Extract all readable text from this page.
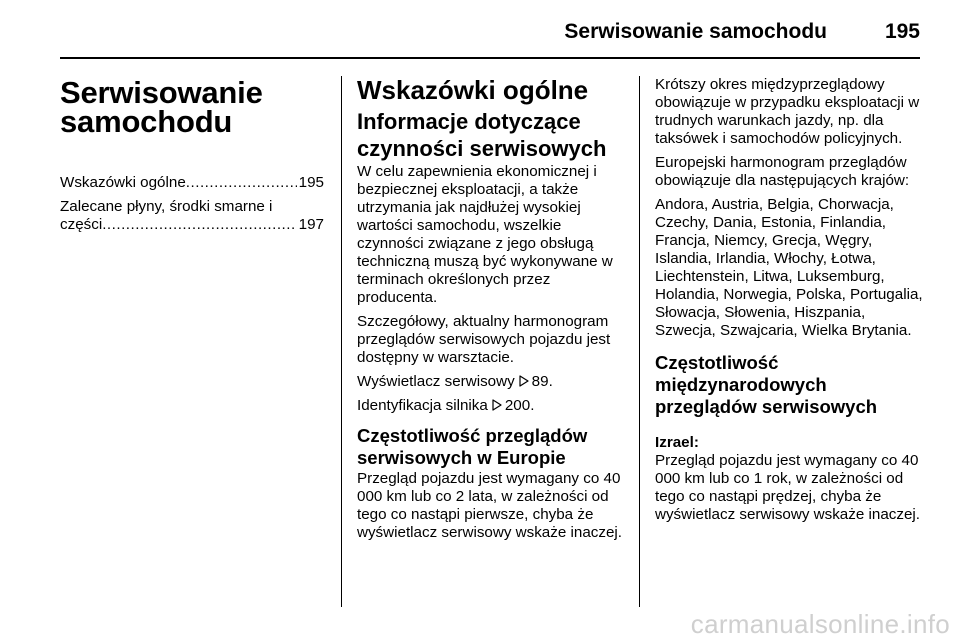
Serwisowanie samochodu	195
Serwisowanie samochodu
Wskazówki ogólne .....	195
Zalecane płyny, środki smarne i
części .....	197
Wskazówki ogólne
Informacje dotyczące czynności serwisowych

W celu zapewnienia ekonomicznej i bezpiecznej eksploatacji, a także utrzymania jak najdłużej wysokiej wartości samochodu, wszelkie czynności związane z jego obsługą techniczną muszą być wykonywane w terminach określonych przez producenta.

Szczegółowy, aktualny harmonogram przeglądów serwisowych pojazdu jest dostępny w warsztacie.

Wyświetlacz serwisowy 89.

Identyfikacja silnika 200.

Częstotliwość przeglądów serwisowych w Europie

Przegląd pojazdu jest wymagany co 40 000 km lub co 2 lata, w zależności od tego co nastąpi pierwsze, chyba że wyświetlacz serwisowy wskaże inaczej.

Krótszy okres międzyprzeglądowy obowiązuje w przypadku eksploatacji w trudnych warunkach jazdy, np. dla taksówek i samochodów policyjnych.

Europejski harmonogram przeglądów obowiązuje dla następujących krajów:

Andora, Austria, Belgia, Chorwacja, Czechy, Dania, Estonia, Finlandia, Francja, Niemcy, Grecja, Węgry, Islandia, Irlandia, Włochy, Łotwa, Liechtenstein, Litwa, Luksemburg, Holandia, Norwegia, Polska, Portugalia, Słowacja, Słowenia, Hiszpania, Szwecja, Szwajcaria, Wielka Brytania.

Częstotliwość międzynarodowych przeglądów serwisowych
Izrael:

Przegląd pojazdu jest wymagany co 40 000 km lub co 1 rok, w zależności od tego co nastąpi prędzej, chyba że wyświetlacz serwisowy wskaże inaczej.

carmanualsonline.info
